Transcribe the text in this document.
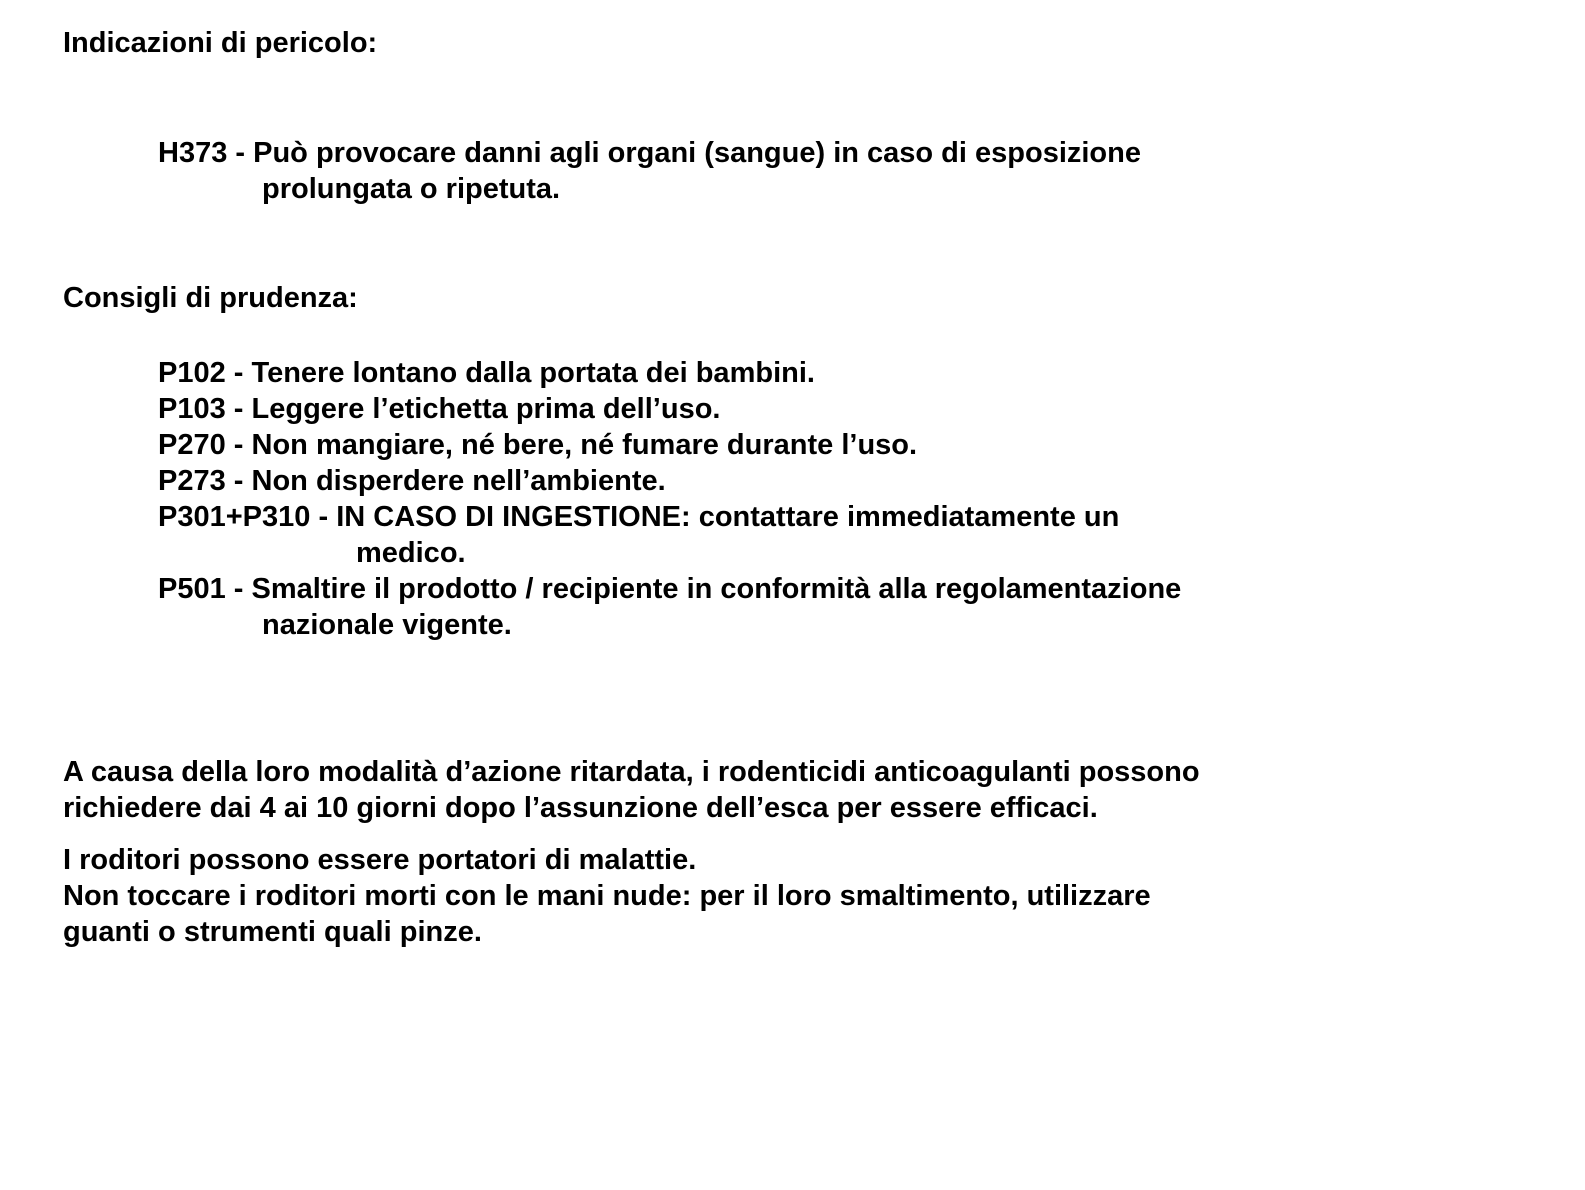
Indicazioni di pericolo:
H373 - Può provocare danni agli organi (sangue) in caso di esposizione
prolungata o ripetuta.
Consigli di prudenza:
P102 - Tenere lontano dalla portata dei bambini.
P103 - Leggere l’etichetta prima dell’uso.
P270 - Non mangiare, né bere, né fumare durante l’uso.
P273 - Non disperdere nell’ambiente.
P301+P310 - IN CASO DI INGESTIONE: contattare immediatamente un
medico.
P501 - Smaltire il prodotto / recipiente in conformità alla regolamentazione
nazionale vigente.

A causa della loro modalità d’azione ritardata, i rodenticidi anticoagulanti possono
richiedere dai 4 ai 10 giorni dopo l’assunzione dell’esca per essere efficaci.

I roditori possono essere portatori di malattie.
Non toccare i roditori morti con le mani nude: per il loro smaltimento, utilizzare
guanti o strumenti quali pinze.
